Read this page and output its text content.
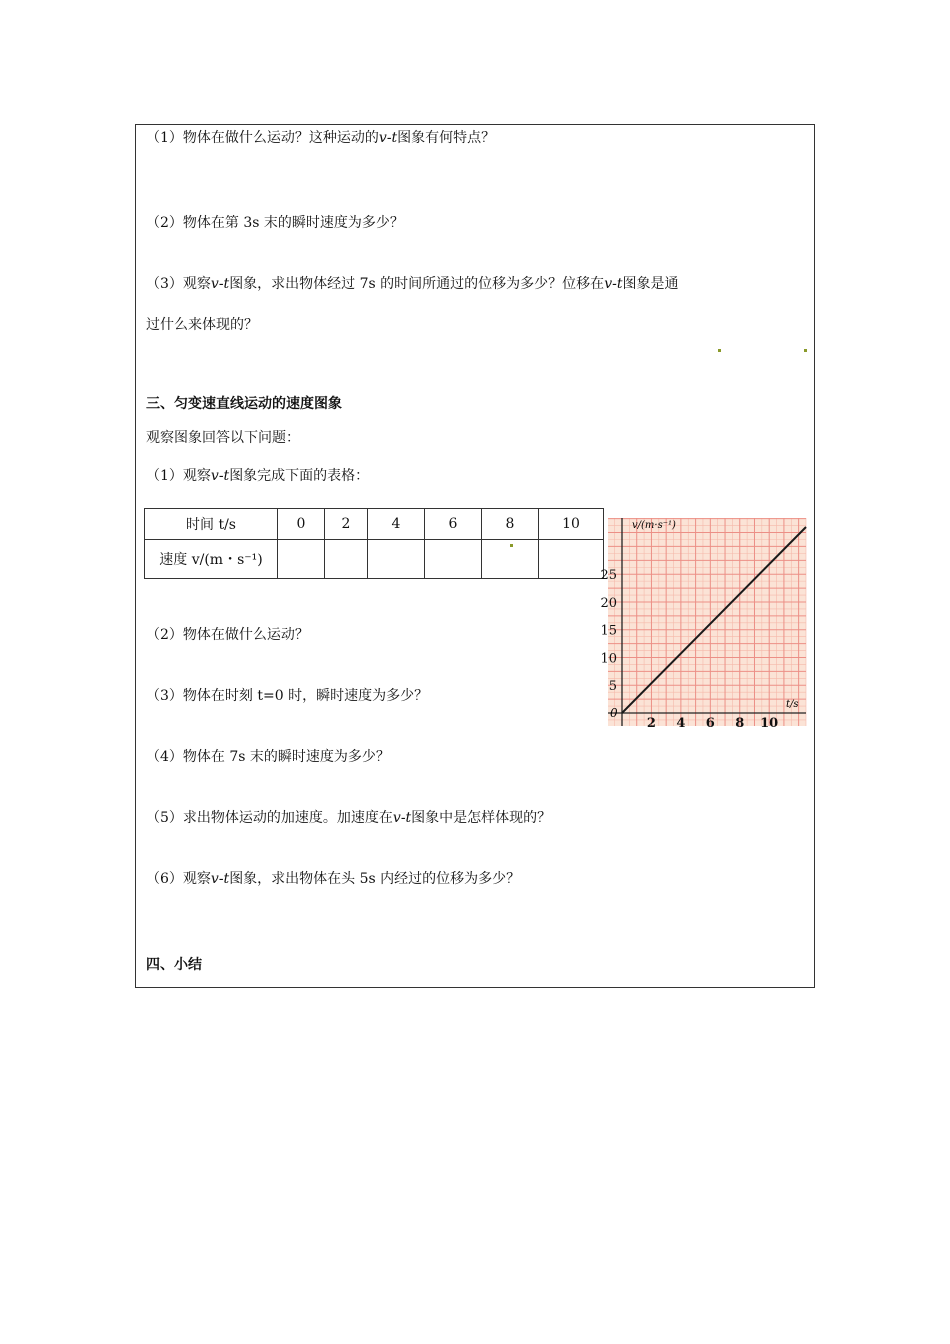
（1）物体在做什么运动？这种运动的v-t图象有何特点？
（2）物体在第 3s 末的瞬时速度为多少？
（3）观察v-t图象，求出物体经过 7s 的时间所通过的位移为多少？位移在v-t图象是通
过什么来体现的？
三、匀变速直线运动的速度图象
观察图象回答以下问题：
（1）观察v-t图象完成下面的表格：
时间 t/s	0	2	4	6	8	10
速度 v/(m・s⁻¹)						
5
10
15
20
25
2 4 6 8 10
0
v/(m·s⁻¹)
t/s
（2）物体在做什么运动？
（3）物体在时刻 t=0 时，瞬时速度为多少？
（4）物体在 7s 末的瞬时速度为多少？
（5）求出物体运动的加速度。加速度在v-t图象中是怎样体现的？
（6）观察v-t图象，求出物体在头 5s 内经过的位移为多少？
四、小结
